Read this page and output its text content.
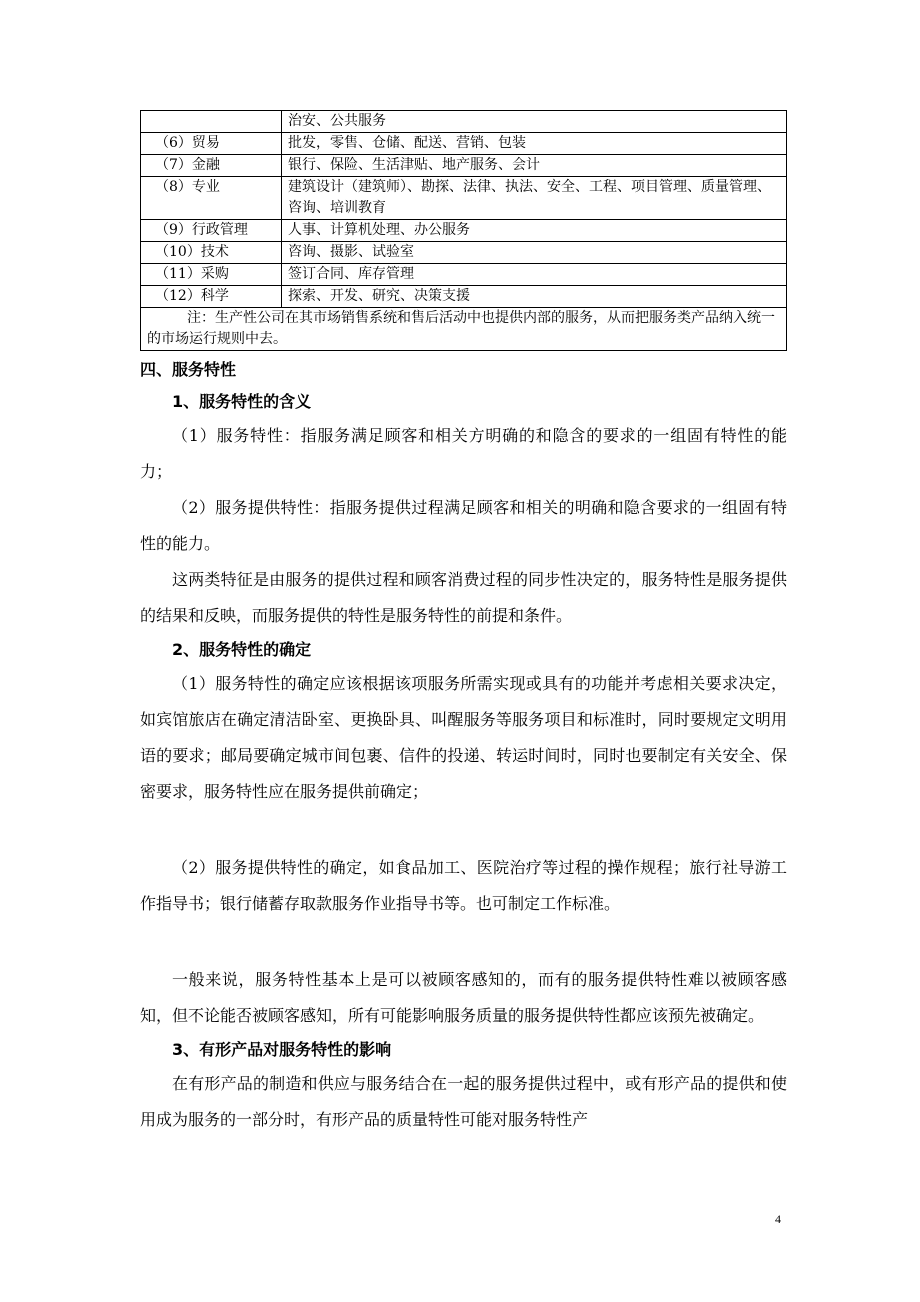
	治安、公共服务
（6）贸易	批发，零售、仓储、配送、营销、包装
（7）金融	银行、保险、生活津贴、地产服务、会计
（8）专业	建筑设计（建筑师）、勘探、法律、执法、安全、工程、项目管理、质量管理、咨询、培训教育
（9）行政管理	人事、计算机处理、办公服务
（10）技术	咨询、摄影、试验室
（11）采购	签订合同、库存管理
（12）科学	探索、开发、研究、决策支援
注：生产性公司在其市场销售系统和售后活动中也提供内部的服务，从而把服务类产品纳入统一的市场运行规则中去。	

四、服务特性

1、服务特性的含义

（1）服务特性：指服务满足顾客和相关方明确的和隐含的要求的一组固有特性的能力；

（2）服务提供特性：指服务提供过程满足顾客和相关的明确和隐含要求的一组固有特性的能力。

这两类特征是由服务的提供过程和顾客消费过程的同步性决定的，服务特性是服务提供的结果和反映，而服务提供的特性是服务特性的前提和条件。

2、服务特性的确定

（1）服务特性的确定应该根据该项服务所需实现或具有的功能并考虑相关要求决定，如宾馆旅店在确定清洁卧室、更换卧具、叫醒服务等服务项目和标准时，同时要规定文明用语的要求；邮局要确定城市间包裹、信件的投递、转运时间时，同时也要制定有关安全、保密要求，服务特性应在服务提供前确定；

（2）服务提供特性的确定，如食品加工、医院治疗等过程的操作规程；旅行社导游工作指导书；银行储蓄存取款服务作业指导书等。也可制定工作标准。

一般来说，服务特性基本上是可以被顾客感知的，而有的服务提供特性难以被顾客感知，但不论能否被顾客感知，所有可能影响服务质量的服务提供特性都应该预先被确定。

3、有形产品对服务特性的影响

在有形产品的制造和供应与服务结合在一起的服务提供过程中，或有形产品的提供和使用成为服务的一部分时，有形产品的质量特性可能对服务特性产

4
